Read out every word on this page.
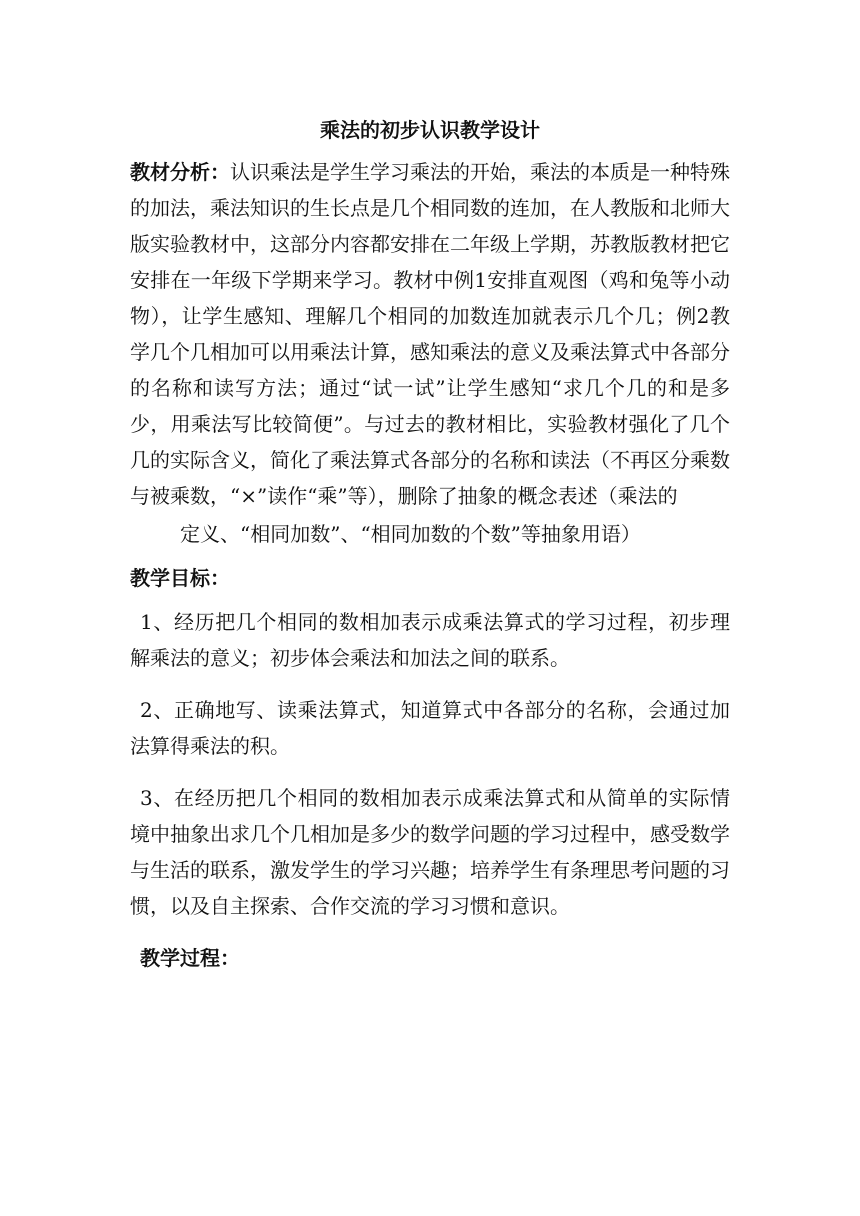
乘法的初步认识教学设计

教材分析：认识乘法是学生学习乘法的开始，乘法的本质是一种特殊的加法，乘法知识的生长点是几个相同数的连加，在人教版和北师大版实验教材中，这部分内容都安排在二年级上学期，苏教版教材把它安排在一年级下学期来学习。教材中例1安排直观图（鸡和兔等小动物），让学生感知、理解几个相同的加数连加就表示几个几；例2教学几个几相加可以用乘法计算，感知乘法的意义及乘法算式中各部分的名称和读写方法；通过“试一试”让学生感知“求几个几的和是多少，用乘法写比较简便”。与过去的教材相比，实验教材强化了几个几的实际含义，简化了乘法算式各部分的名称和读法（不再区分乘数与被乘数，“×”读作“乘”等），删除了抽象的概念表述（乘法的

定义、“相同加数”、“相同加数的个数”等抽象用语）

教学目标：

1、经历把几个相同的数相加表示成乘法算式的学习过程，初步理解乘法的意义；初步体会乘法和加法之间的联系。

2、正确地写、读乘法算式，知道算式中各部分的名称，会通过加法算得乘法的积。

3、在经历把几个相同的数相加表示成乘法算式和从简单的实际情境中抽象出求几个几相加是多少的数学问题的学习过程中，感受数学与生活的联系，激发学生的学习兴趣；培养学生有条理思考问题的习惯，以及自主探索、合作交流的学习习惯和意识。

教学过程：
